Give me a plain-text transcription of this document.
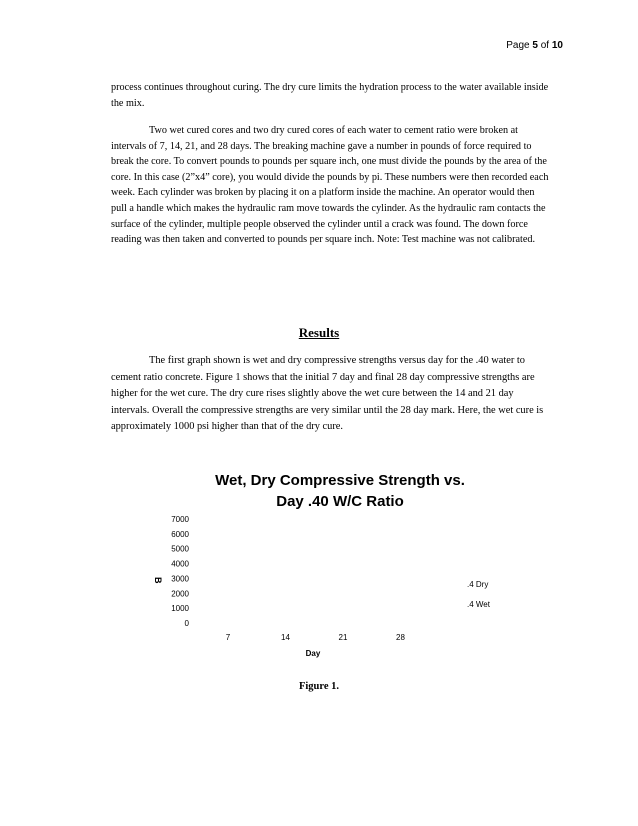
Page 5 of 10

process continues throughout curing. The dry cure limits the hydration process to the water available inside the mix.

Two wet cured cores and two dry cured cores of each water to cement ratio were broken at intervals of 7, 14, 21, and 28 days. The breaking machine gave a number in pounds of force required to break the core. To convert pounds to pounds per square inch, one must divide the pounds by the area of the core. In this case (2”x4” core), you would divide the pounds by pi. These numbers were then recorded each week. Each cylinder was broken by placing it on a platform inside the machine. An operator would then pull a handle which makes the hydraulic ram move towards the cylinder. As the hydraulic ram contacts the surface of the cylinder, multiple people observed the cylinder until a crack was found. The down force reading was then taken and converted to pounds per square inch. Note: Test machine was not calibrated.

Results

The first graph shown is wet and dry compressive strengths versus day for the .40 water to cement ratio concrete. Figure 1 shows that the initial 7 day and final 28 day compressive strengths are higher for the wet cure. The dry cure rises slightly above the wet cure between the 14 and 21 day intervals. Overall the compressive strengths are very similar until the 28 day mark. Here, the wet cure is approximately 1000 psi higher than that of the dry cure.

Wet, Dry Compressive Strength vs.
Day .40 W/C Ratio
7000
6000
5000
4000
3000
2000
1000
0
B
7	14	21	28
Day
.4 Dry
.4 Wet
Figure 1.
